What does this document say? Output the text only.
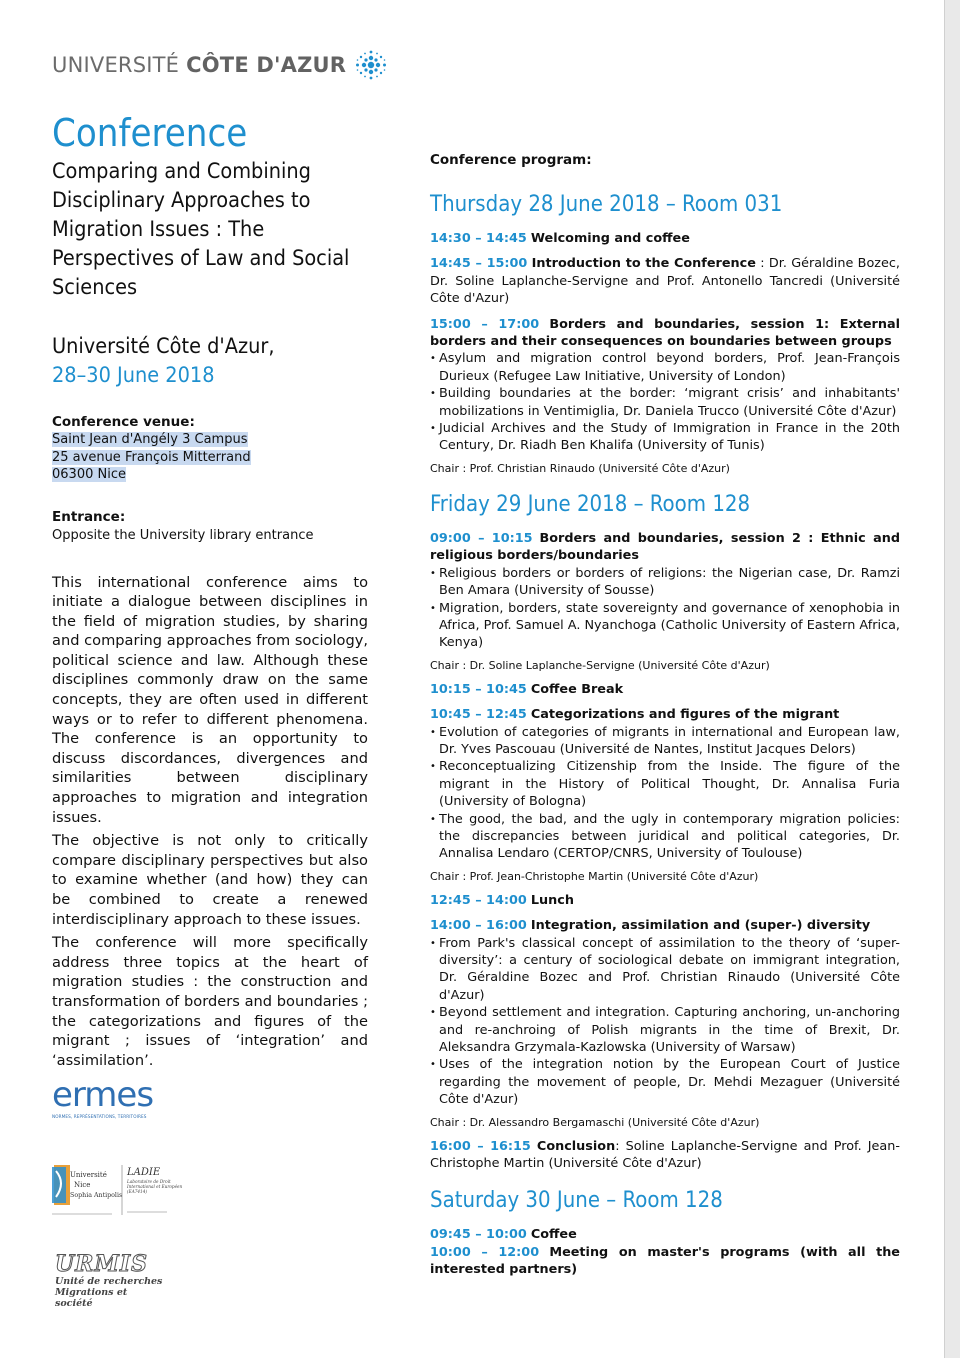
UNIVERSITÉ CÔTE D'AZUR
Conference
Comparing and Combining Disciplinary Approaches to Migration Issues : The Perspectives of Law and Social Sciences
Université Côte d'Azur,
28–30 June 2018
Conference venue:
Saint Jean d'Angély 3 Campus
25 avenue François Mitterrand
06300 Nice
Entrance:
Opposite the University library entrance

This international conference aims to initiate a dialogue between disciplines in the field of migration studies, by sharing and comparing approaches from sociology, political science and law. Although these disciplines commonly draw on the same concepts, they are often used in different ways or to refer to different phenomena. The conference is an opportunity to discuss discordances, divergences and similarities between disciplinary approaches to migration and integration issues.

The objective is not only to critically compare disciplinary perspectives but also to examine whether (and how) they can be combined to create a renewed interdisciplinary approach to these issues.

The conference will more specifically address three topics at the heart of migration studies : the construction and transformation of borders and boundaries ; the categorizations and figures of the migrant ; issues of ‘integration’ and ‘assimilation’.

ermes
NORMES, REPRÉSENTATIONS, TERRITOIRES
Université
Nice
Sophia Antipolis
LADIE
Laboratoire de Droit
International et Européen
(EA7414)
URMIS
Unité de recherches
Migrations et société
Conference program:
Thursday 28 June 2018 – Room 031
14:30 – 14:45 Welcoming and coffee
14:45 – 15:00 Introduction to the Conference : Dr. Géraldine Bozec, Dr. Soline Laplanche-Servigne and Prof. Antonello Tancredi (Université Côte d'Azur)
15:00 – 17:00 Borders and boundaries, session 1: External borders and their consequences on boundaries between groups
• Asylum and migration control beyond borders, Prof. Jean-François Durieux (Refugee Law Initiative, University of London)
• Building boundaries at the border: ‘migrant crisis’ and inhabitants' mobilizations in Ventimiglia, Dr. Daniela Trucco (Université Côte d'Azur)
• Judicial Archives and the Study of Immigration in France in the 20th Century, Dr. Riadh Ben Khalifa (University of Tunis)
Chair : Prof. Christian Rinaudo (Université Côte d'Azur)
Friday 29 June 2018 – Room 128
09:00 – 10:15 Borders and boundaries, session 2 : Ethnic and religious borders/boundaries
• Religious borders or borders of religions: the Nigerian case, Dr. Ramzi Ben Amara (University of Sousse)
• Migration, borders, state sovereignty and governance of xenophobia in Africa, Prof. Samuel A. Nyanchoga (Catholic University of Eastern Africa, Kenya)
Chair : Dr. Soline Laplanche-Servigne (Université Côte d'Azur)
10:15 – 10:45 Coffee Break
10:45 – 12:45 Categorizations and figures of the migrant
• Evolution of categories of migrants in international and European law, Dr. Yves Pascouau (Université de Nantes, Institut Jacques Delors)
• Reconceptualizing Citizenship from the Inside. The figure of the migrant in the History of Political Thought, Dr. Annalisa Furia (University of Bologna)
• The good, the bad, and the ugly in contemporary migration policies: the discrepancies between juridical and political categories, Dr. Annalisa Lendaro (CERTOP/CNRS, University of Toulouse)
Chair : Prof. Jean-Christophe Martin (Université Côte d'Azur)
12:45 – 14:00 Lunch
14:00 – 16:00 Integration, assimilation and (super-) diversity
• From Park's classical concept of assimilation to the theory of ‘super-diversity’: a century of sociological debate on immigrant integration, Dr. Géraldine Bozec and Prof. Christian Rinaudo (Université Côte d'Azur)
• Beyond settlement and integration. Capturing anchoring, un-anchoring and re-anchroing of Polish migrants in the time of Brexit, Dr. Aleksandra Grzymala-Kazlowska (University of Warsaw)
• Uses of the integration notion by the European Court of Justice regarding the movement of people, Dr. Mehdi Mezaguer (Université Côte d'Azur)
Chair : Dr. Alessandro Bergamaschi (Université Côte d'Azur)
16:00 – 16:15 Conclusion: Soline Laplanche-Servigne and Prof. Jean-Christophe Martin (Université Côte d'Azur)
Saturday 30 June – Room 128
09:45 – 10:00 Coffee
10:00 – 12:00 Meeting on master's programs (with all the interested partners)
